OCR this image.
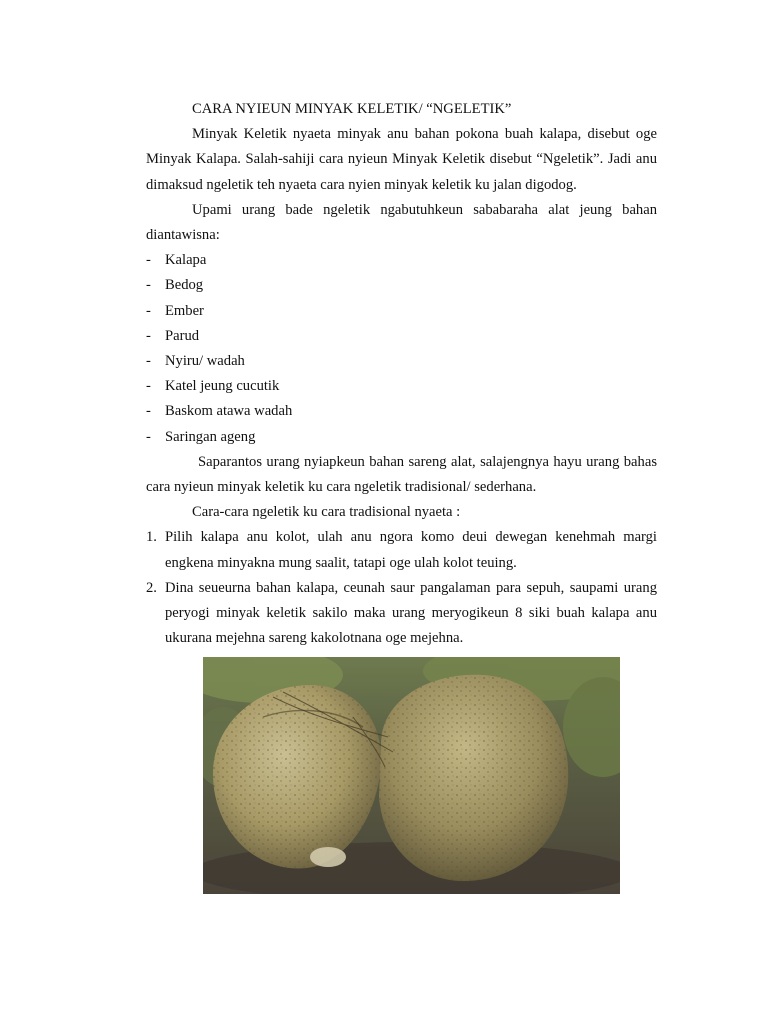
CARA NYIEUN MINYAK KELETIK/ “NGELETIK”

Minyak Keletik nyaeta minyak anu bahan pokona buah kalapa, disebut oge Minyak Kalapa. Salah-sahiji cara nyieun Minyak Keletik disebut “Ngeletik”. Jadi anu dimaksud ngeletik teh nyaeta cara nyien minyak keletik ku jalan digodog.

Upami urang bade ngeletik ngabutuhkeun sababaraha alat jeung bahan diantawisna:

- Kalapa
- Bedog
- Ember
- Parud
- Nyiru/ wadah
- Katel jeung cucutik
- Baskom atawa wadah
- Saringan ageng

Saparantos urang nyiapkeun bahan sareng alat, salajengnya hayu urang bahas cara nyieun minyak keletik ku cara ngeletik tradisional/ sederhana.

Cara-cara ngeletik ku cara tradisional nyaeta :

1. Pilih kalapa anu kolot, ulah anu ngora komo deui dewegan kenehmah margi engkena minyakna mung saalit, tatapi oge ulah kolot teuing.
2. Dina seueurna bahan kalapa, ceunah saur pangalaman para sepuh, saupami urang peryogi minyak keletik sakilo maka urang meryogikeun 8 siki buah kalapa anu ukurana mejehna sareng kakolotnana oge mejehna.
